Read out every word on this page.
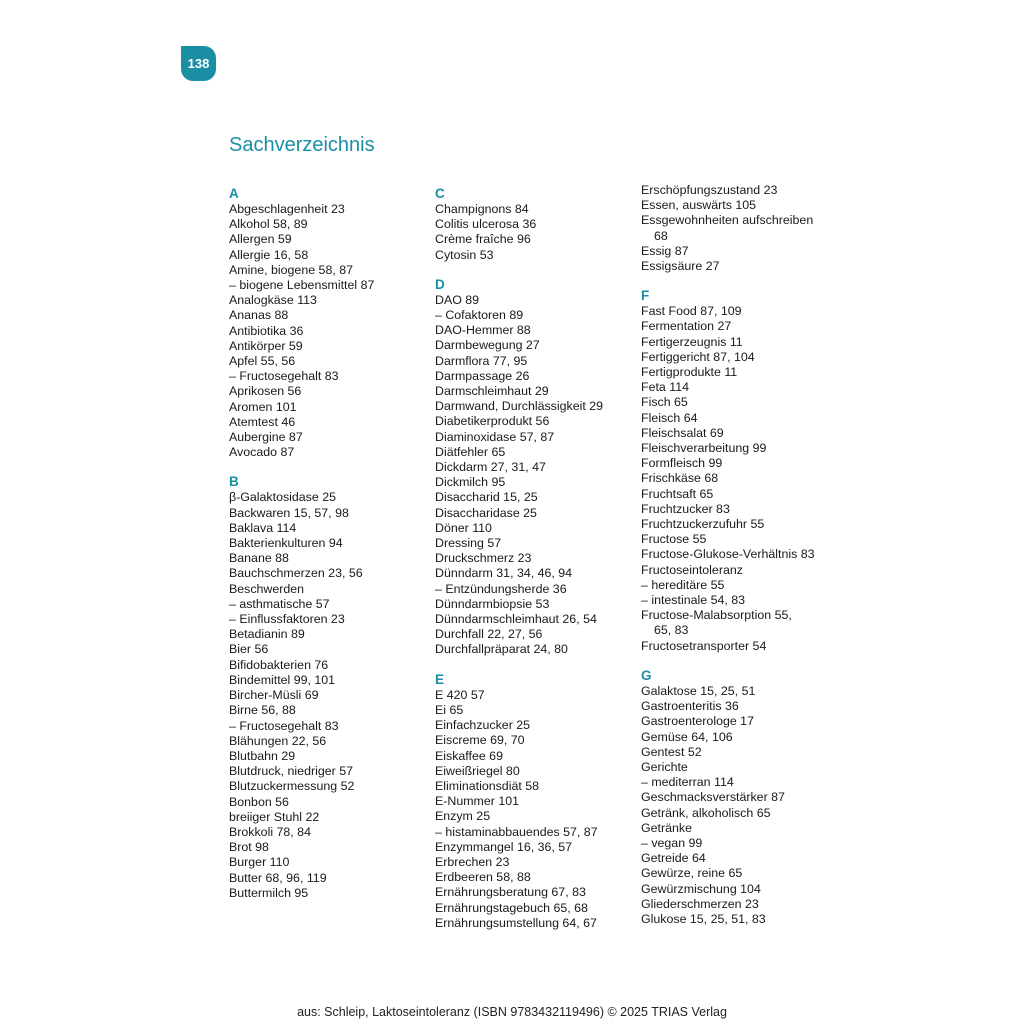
138
Sachverzeichnis
A
Abgeschlagenheit 23
Alkohol 58, 89
Allergen 59
Allergie 16, 58
Amine, biogene 58, 87
– biogene Lebensmittel 87
Analogkäse 113
Ananas 88
Antibiotika 36
Antikörper 59
Apfel 55, 56
– Fructosegehalt 83
Aprikosen 56
Aromen 101
Atemtest 46
Aubergine 87
Avocado 87
B
β-Galaktosidase 25
Backwaren 15, 57, 98
Baklava 114
Bakterienkulturen 94
Banane 88
Bauchschmerzen 23, 56
Beschwerden
– asthmatische 57
– Einflussfaktoren 23
Betadianin 89
Bier 56
Bifidobakterien 76
Bindemittel 99, 101
Bircher-Müsli 69
Birne 56, 88
– Fructosegehalt 83
Blähungen 22, 56
Blutbahn 29
Blutdruck, niedriger 57
Blutzuckermessung 52
Bonbon 56
breiiger Stuhl 22
Brokkoli 78, 84
Brot 98
Burger 110
Butter 68, 96, 119
Buttermilch 95
C
Champignons 84
Colitis ulcerosa 36
Crème fraîche 96
Cytosin 53
D
DAO 89
– Cofaktoren 89
DAO-Hemmer 88
Darmbewegung 27
Darmflora 77, 95
Darmpassage 26
Darmschleimhaut 29
Darmwand, Durchlässigkeit 29
Diabetikerprodukt 56
Diaminoxidase 57, 87
Diätfehler 65
Dickdarm 27, 31, 47
Dickmilch 95
Disaccharid 15, 25
Disaccharidase 25
Döner 110
Dressing 57
Druckschmerz 23
Dünndarm 31, 34, 46, 94
– Entzündungsherde 36
Dünndarmbiopsie 53
Dünndarmschleimhaut 26, 54
Durchfall 22, 27, 56
Durchfallpräparat 24, 80
E
E 420 57
Ei 65
Einfachzucker 25
Eiscreme 69, 70
Eiskaffee 69
Eiweißriegel 80
Eliminationsdiät 58
E-Nummer 101
Enzym 25
– histaminabbauendes 57, 87
Enzymmangel 16, 36, 57
Erbrechen 23
Erdbeeren 58, 88
Ernährungsberatung 67, 83
Ernährungstagebuch 65, 68
Ernährungsumstellung 64, 67
Erschöpfungszustand 23
Essen, auswärts 105
Essgewohnheiten aufschreiben
68
Essig 87
Essigsäure 27
F
Fast Food 87, 109
Fermentation 27
Fertigerzeugnis 11
Fertiggericht 87, 104
Fertigprodukte 11
Feta 114
Fisch 65
Fleisch 64
Fleischsalat 69
Fleischverarbeitung 99
Formfleisch 99
Frischkäse 68
Fruchtsaft 65
Fruchtzucker 83
Fruchtzuckerzufuhr 55
Fructose 55
Fructose-Glukose-Verhältnis 83
Fructoseintoleranz
– hereditäre 55
– intestinale 54, 83
Fructose-Malabsorption 55,
65, 83
Fructosetransporter 54
G
Galaktose 15, 25, 51
Gastroenteritis 36
Gastroenterologe 17
Gemüse 64, 106
Gentest 52
Gerichte
– mediterran 114
Geschmacksverstärker 87
Getränk, alkoholisch 65
Getränke
– vegan 99
Getreide 64
Gewürze, reine 65
Gewürzmischung 104
Gliederschmerzen 23
Glukose 15, 25, 51, 83
aus: Schleip, Laktoseintoleranz (ISBN 9783432119496) © 2025 TRIAS Verlag
